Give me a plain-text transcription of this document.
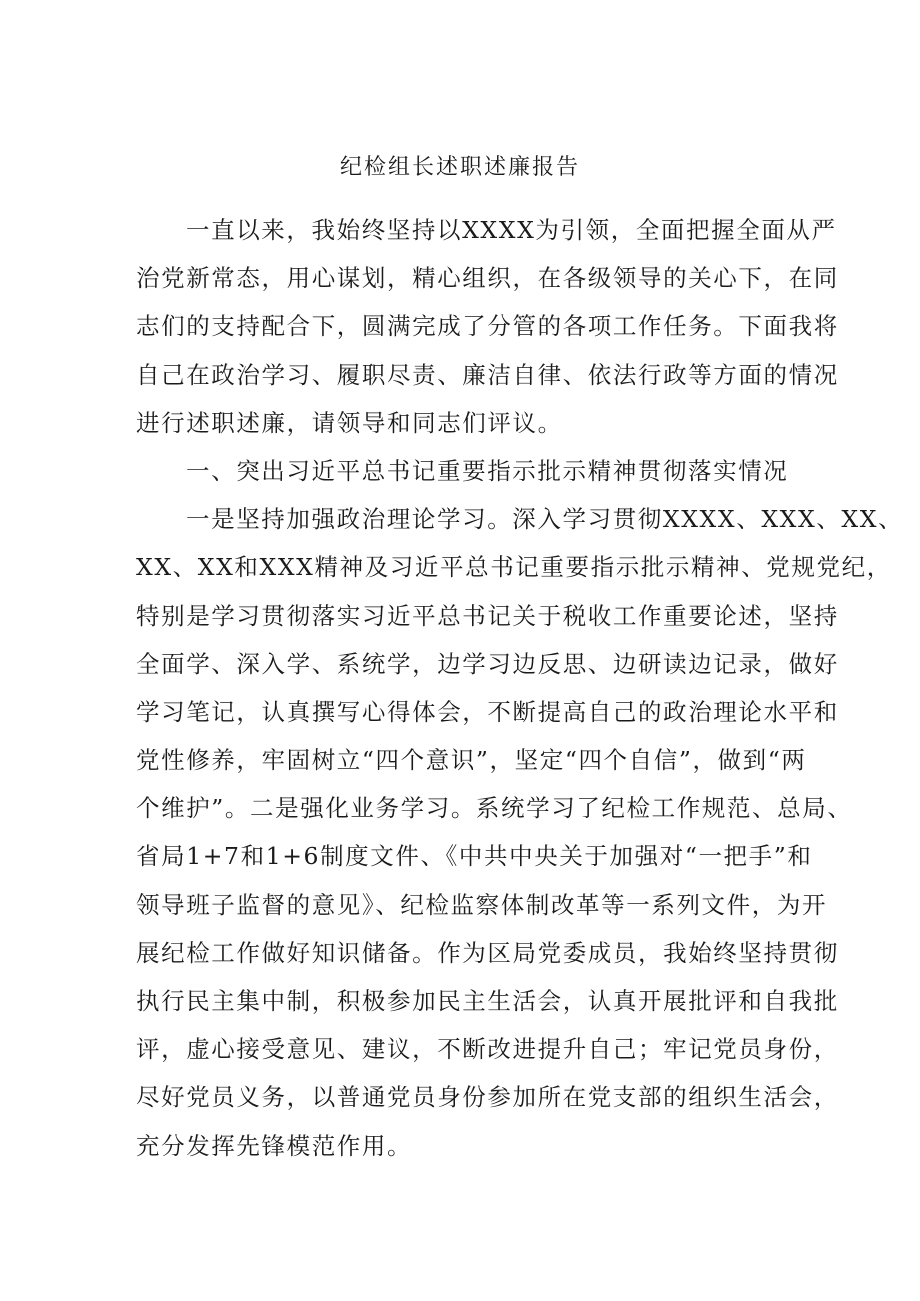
纪检组长述职述廉报告
一直以来，我始终坚持以XXXX为引领，全面把握全面从严
治党新常态，用心谋划，精心组织，在各级领导的关心下，在同
志们的支持配合下，圆满完成了分管的各项工作任务。下面我将
自己在政治学习、履职尽责、廉洁自律、依法行政等方面的情况
进行述职述廉，请领导和同志们评议。
一、突出习近平总书记重要指示批示精神贯彻落实情况
一是坚持加强政治理论学习。深入学习贯彻XXXX、XXX、XX、
XX、XX和XXX精神及习近平总书记重要指示批示精神、党规党纪，
特别是学习贯彻落实习近平总书记关于税收工作重要论述，坚持
全面学、深入学、系统学，边学习边反思、边研读边记录，做好
学习笔记，认真撰写心得体会，不断提高自己的政治理论水平和
党性修养，牢固树立“四个意识”，坚定“四个自信”，做到“两
个维护”。二是强化业务学习。系统学习了纪检工作规范、总局、
省局1+7和1+6制度文件、《中共中央关于加强对“一把手”和
领导班子监督的意见》、纪检监察体制改革等一系列文件，为开
展纪检工作做好知识储备。作为区局党委成员，我始终坚持贯彻
执行民主集中制，积极参加民主生活会，认真开展批评和自我批
评，虚心接受意见、建议，不断改进提升自己；牢记党员身份，
尽好党员义务，以普通党员身份参加所在党支部的组织生活会，
充分发挥先锋模范作用。
